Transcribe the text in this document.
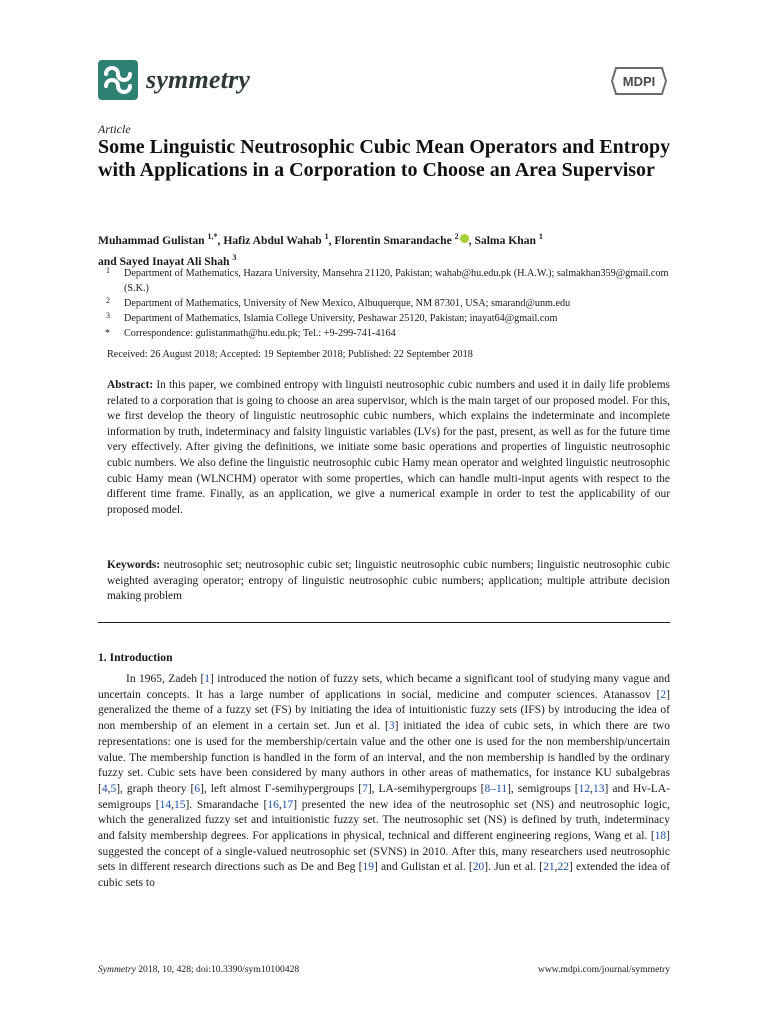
symmetry	MDPI
Article
Some Linguistic Neutrosophic Cubic Mean Operators and Entropy with Applications in a Corporation to Choose an Area Supervisor
Muhammad Gulistan $^{1,*}$, Hafiz Abdul Wahab $^1$, Florentin Smarandache $^2$ , Salma Khan $^1$
and Sayed Inayat Ali Shah $^3$
1 Department of Mathematics, Hazara University, Mansehra 21120, Pakistan; wahab@hu.edu.pk (H.A.W.); salmakhan359@gmail.com (S.K.)
2 Department of Mathematics, University of New Mexico, Albuquerque, NM 87301, USA; smarand@unm.edu
3 Department of Mathematics, Islamia College University, Peshawar 25120, Pakistan; inayat64@gmail.com
* Correspondence: gulistanmath@hu.edu.pk; Tel.: +9-299-741-4164
Received: 26 August 2018; Accepted: 19 September 2018; Published: 22 September 2018
Abstract: In this paper, we combined entropy with linguisti neutrosophic cubic numbers and used it in daily life problems related to a corporation that is going to choose an area supervisor, which is the main target of our proposed model. For this, we first develop the theory of linguistic neutrosophic cubic numbers, which explains the indeterminate and incomplete information by truth, indeterminacy and falsity linguistic variables (LVs) for the past, present, as well as for the future time very effectively. After giving the definitions, we initiate some basic operations and properties of linguistic neutrosophic cubic numbers. We also define the linguistic neutrosophic cubic Hamy mean operator and weighted linguistic neutrosophic cubic Hamy mean (WLNCHM) operator with some properties, which can handle multi-input agents with respect to the different time frame. Finally, as an application, we give a numerical example in order to test the applicability of our proposed model.
Keywords: neutrosophic set; neutrosophic cubic set; linguistic neutrosophic cubic numbers; linguistic neutrosophic cubic weighted averaging operator; entropy of linguistic neutrosophic cubic numbers; application; multiple attribute decision making problem
1. Introduction
In 1965, Zadeh [1] introduced the notion of fuzzy sets, which became a significant tool of studying many vague and uncertain concepts. It has a large number of applications in social, medicine and computer sciences. Atanassov [2] generalized the theme of a fuzzy set (FS) by initiating the idea of intuitionistic fuzzy sets (IFS) by introducing the idea of non membership of an element in a certain set. Jun et al. [3] initiated the idea of cubic sets, in which there are two representations: one is used for the membership/certain value and the other one is used for the non membership/uncertain value. The membership function is handled in the form of an interval, and the non membership is handled by the ordinary fuzzy set. Cubic sets have been considered by many authors in other areas of mathematics, for instance KU subalgebras [4,5], graph theory [6], left almost Γ-semihypergroups [7], LA-semihypergroups [8–11], semigroups [12,13] and Hv-LA-semigroups [14,15]. Smarandache [16,17] presented the new idea of the neutrosophic set (NS) and neutrosophic logic, which the generalized fuzzy set and intuitionistic fuzzy set. The neutrosophic set (NS) is defined by truth, indeterminacy and falsity membership degrees. For applications in physical, technical and different engineering regions, Wang et al. [18] suggested the concept of a single-valued neutrosophic set (SVNS) in 2010. After this, many researchers used neutrosophic sets in different research directions such as De and Beg [19] and Gulistan et al. [20]. Jun et al. [21,22] extended the idea of cubic sets to
Symmetry 2018, 10, 428; doi:10.3390/sym10100428	www.mdpi.com/journal/symmetry
